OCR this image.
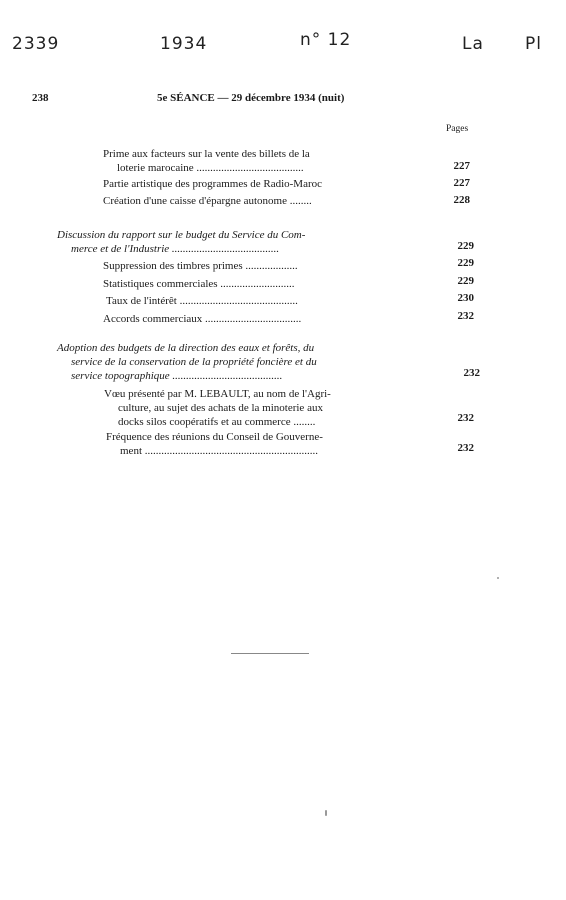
2339	1934	n° 12	La Pl
238	5e SÉANCE — 29 décembre 1934 (nuit)
Pages
Prime aux facteurs sur la vente des billets de la
loterie marocaine .......................................	227
Partie artistique des programmes de Radio-Maroc	227
Création d'une caisse d'épargne autonome ........	228
Discussion du rapport sur le budget du Service du Com-
merce et de l'Industrie .......................................	229
Suppression des timbres primes ...................	229
Statistiques commerciales ...........................	229
Taux de l'intérêt ...........................................	230
Accords commerciaux ...................................	232
Adoption des budgets de la direction des eaux et forêts, du
service de la conservation de la propriété foncière et du
service topographique ........................................	232
Vœu présenté par M. LEBAULT, au nom de l'Agri-
culture, au sujet des achats de la minoterie aux
docks silos coopératifs et au commerce ........	232
Fréquence des réunions du Conseil de Gouverne-
ment ...............................................................	232
